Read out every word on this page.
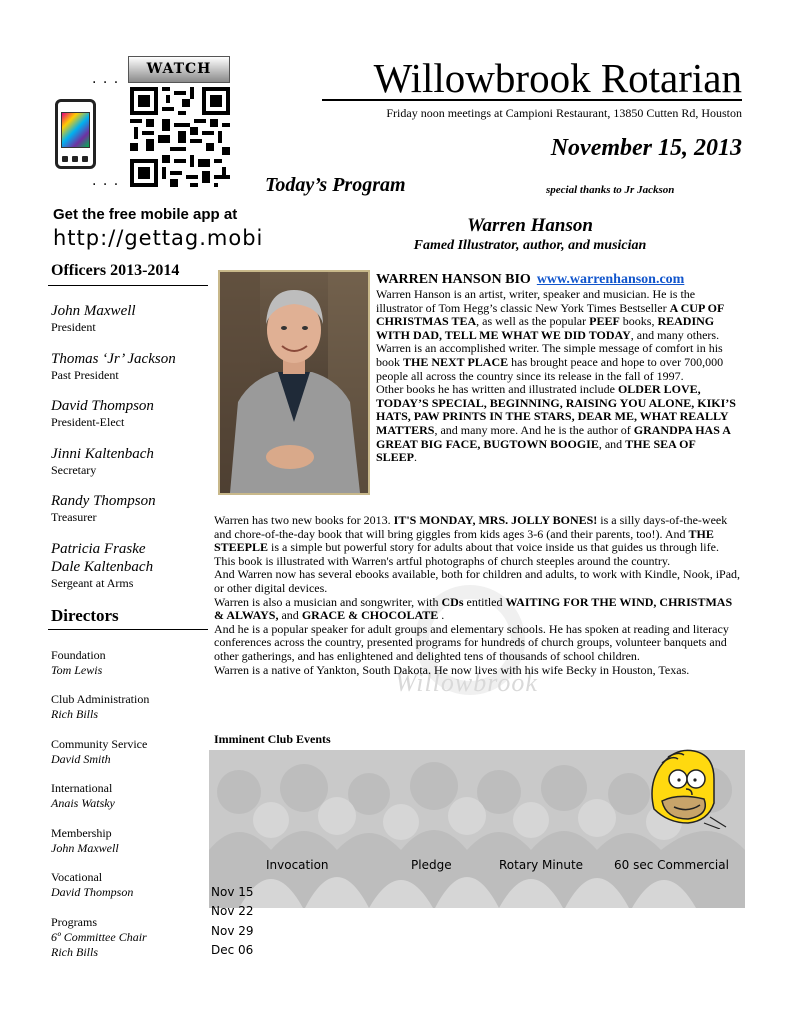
. . .
. . .
WATCH
Get the free mobile app at
http://gettag.mobi
Willowbrook Rotarian
Friday noon meetings at Campioni Restaurant, 13850 Cutten Rd, Houston
November 15, 2013
Today’s Program	special thanks to Jr Jackson
Warren Hanson
Famed Illustrator, author, and musician
Officers 2013-2014
John Maxwell
President
Thomas ‘Jr’ Jackson
Past President
David Thompson
President-Elect
Jinni Kaltenbach
Secretary
Randy Thompson
Treasurer
Patricia Fraske
Dale Kaltenbach
Sergeant at Arms
Directors
Foundation
Tom Lewis
Club Administration
Rich Bills
Community Service
David Smith
International
Anais Watsky
Membership
John Maxwell
Vocational
David Thompson
Programs
6º Committee Chair
Rich Bills
WARREN HANSON BIO www.warrenhanson.com
Warren Hanson is an artist, writer, speaker and musician. He is the illustrator of Tom Hegg’s classic New York Times Bestseller A CUP OF CHRISTMAS TEA, as well as the popular PEEF books, READING WITH DAD, TELL ME WHAT WE DID TODAY, and many others.
Warren is an accomplished writer. The simple message of comfort in his book THE NEXT PLACE has brought peace and hope to over 700,000 people all across the country since its release in the fall of 1997.
Other books he has written and illustrated include OLDER LOVE, TODAY’S SPECIAL, BEGINNING, RAISING YOU ALONE, KIKI’S HATS, PAW PRINTS IN THE STARS, DEAR ME, WHAT REALLY MATTERS, and many more. And he is the author of GRANDPA HAS A GREAT BIG FACE, BUGTOWN BOOGIE, and THE SEA OF SLEEP.
Willowbrook
Warren has two new books for 2013. IT'S MONDAY, MRS. JOLLY BONES! is a silly days-of-the-week and chore-of-the-day book that will bring giggles from kids ages 3-6 (and their parents, too!). And THE STEEPLE is a simple but powerful story for adults about that voice inside us that guides us through life. This book is illustrated with Warren's artful photographs of church steeples around the country.
And Warren now has several ebooks available, both for children and adults, to work with Kindle, Nook, iPad, or other digital devices.
Warren is also a musician and songwriter, with CDs entitled WAITING FOR THE WIND, CHRISTMAS & ALWAYS, and GRACE & CHOCOLATE .
And he is a popular speaker for adult groups and elementary schools. He has spoken at reading and literacy conferences across the country, presented programs for hundreds of church groups, volunteer banquets and other gatherings, and has enlightened and delighted tens of thousands of school children.
Warren is a native of Yankton, South Dakota. He now lives with his wife Becky in Houston, Texas.
Imminent Club Events
Invocation	Pledge	Rotary Minute	60 sec Commercial
Nov 15
Nov 22
Nov 29
Dec 06
